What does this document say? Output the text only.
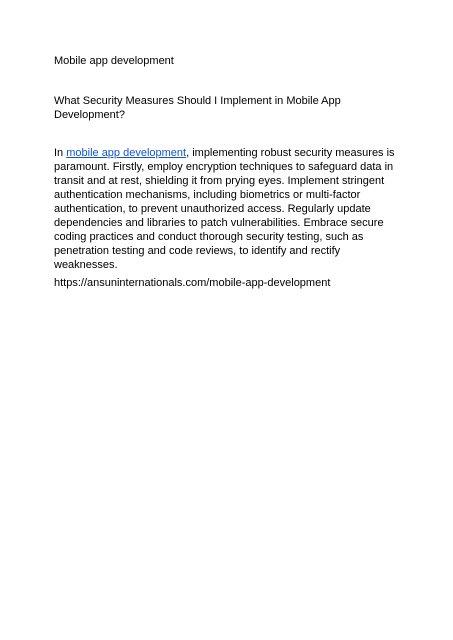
Mobile app development
What Security Measures Should I Implement in Mobile App Development?
In mobile app development, implementing robust security measures is paramount. Firstly, employ encryption techniques to safeguard data in transit and at rest, shielding it from prying eyes. Implement stringent authentication mechanisms, including biometrics or multi-factor authentication, to prevent unauthorized access. Regularly update dependencies and libraries to patch vulnerabilities. Embrace secure coding practices and conduct thorough security testing, such as penetration testing and code reviews, to identify and rectify weaknesses.
https://ansuninternationals.com/mobile-app-development
